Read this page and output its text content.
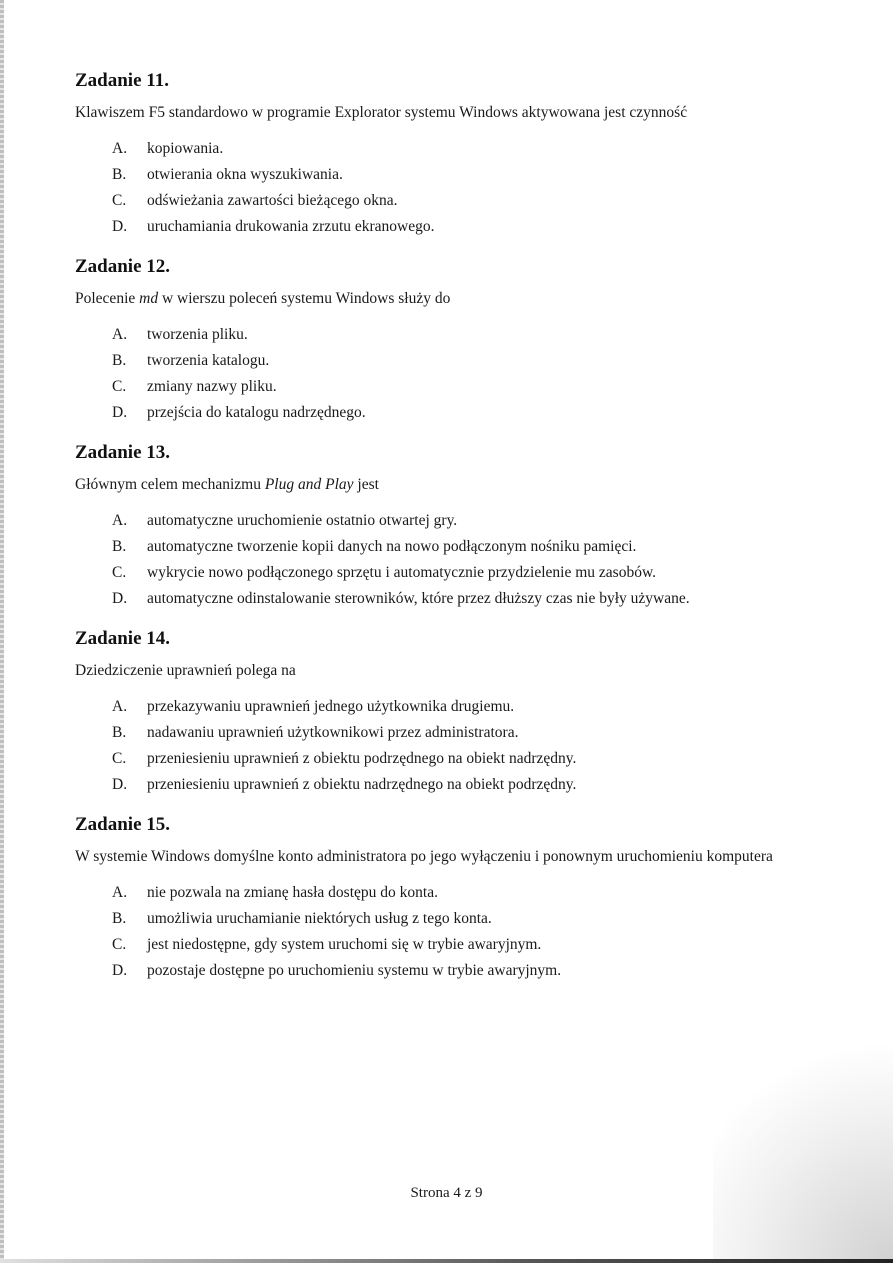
Zadanie 11.

Klawiszem F5 standardowo w programie Explorator systemu Windows aktywowana jest czynność

A.	kopiowania.
B.	otwierania okna wyszukiwania.
C.	odświeżania zawartości bieżącego okna.
D.	uruchamiania drukowania zrzutu ekranowego.
Zadanie 12.

Polecenie md w wierszu poleceń systemu Windows służy do

A.	tworzenia pliku.
B.	tworzenia katalogu.
C.	zmiany nazwy pliku.
D.	przejścia do katalogu nadrzędnego.
Zadanie 13.

Głównym celem mechanizmu Plug and Play jest

A.	automatyczne uruchomienie ostatnio otwartej gry.
B.	automatyczne tworzenie kopii danych na nowo podłączonym nośniku pamięci.
C.	wykrycie nowo podłączonego sprzętu i automatycznie przydzielenie mu zasobów.
D.	automatyczne odinstalowanie sterowników, które przez dłuższy czas nie były używane.
Zadanie 14.

Dziedziczenie uprawnień polega na

A.	przekazywaniu uprawnień jednego użytkownika drugiemu.
B.	nadawaniu uprawnień użytkownikowi przez administratora.
C.	przeniesieniu uprawnień z obiektu podrzędnego na obiekt nadrzędny.
D.	przeniesieniu uprawnień z obiektu nadrzędnego na obiekt podrzędny.
Zadanie 15.

W systemie Windows domyślne konto administratora po jego wyłączeniu i ponownym uruchomieniu komputera

A.	nie pozwala na zmianę hasła dostępu do konta.
B.	umożliwia uruchamianie niektórych usług z tego konta.
C.	jest niedostępne, gdy system uruchomi się w trybie awaryjnym.
D.	pozostaje dostępne po uruchomieniu systemu w trybie awaryjnym.
Strona 4 z 9
